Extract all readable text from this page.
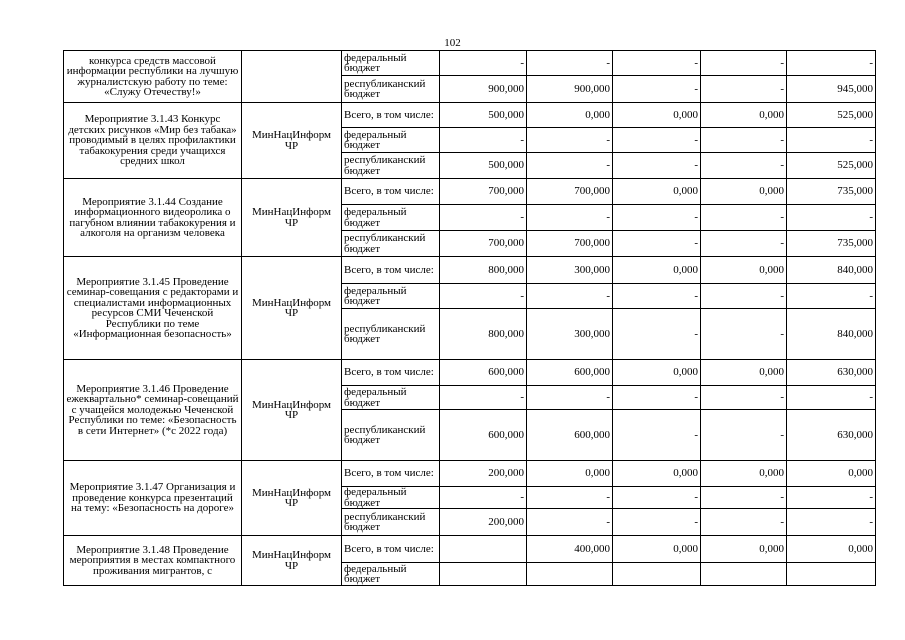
102
конкурса средств массовой информации республики на лучшую журналистскую работу по теме: «Служу Отечеству!»		федеральный бюджет	-	-	-	-	-
		республиканский бюджет	900,000	900,000	-	-	945,000
Мероприятие 3.1.43 Конкурс детских рисунков «Мир без табака» проводимый в целях профилактики табакокурения среди учащихся средних школ	МинНацИнформ ЧР	Всего, в том числе:	500,000	0,000	0,000	0,000	525,000
		федеральный бюджет	-	-	-	-	-
		республиканский бюджет	500,000	-	-	-	525,000
Мероприятие 3.1.44 Создание информационного видеоролика о пагубном влиянии табакокурения и алкоголя на организм человека	МинНацИнформ ЧР	Всего, в том числе:	700,000	700,000	0,000	0,000	735,000
		федеральный бюджет	-	-	-	-	-
		республиканский бюджет	700,000	700,000	-	-	735,000
Мероприятие 3.1.45 Проведение семинар-совещания с редакторами и специалистами информационных ресурсов СМИ Чеченской Республики по теме «Информационная безопасность»	МинНацИнформ ЧР	Всего, в том числе:	800,000	300,000	0,000	0,000	840,000
		федеральный бюджет	-	-	-	-	-
		республиканский бюджет	800,000	300,000	-	-	840,000
Мероприятие 3.1.46 Проведение ежеквартально* семинар-совещаний с учащейся молодежью Чеченской Республики по теме: «Безопасность в сети Интернет» (*с 2022 года)	МинНацИнформ ЧР	Всего, в том числе:	600,000	600,000	0,000	0,000	630,000
		федеральный бюджет	-	-	-	-	-
		республиканский бюджет	600,000	600,000	-	-	630,000
Мероприятие 3.1.47 Организация и проведение конкурса презентаций на тему: «Безопасность на дороге»	МинНацИнформ ЧР	Всего, в том числе:	200,000	0,000	0,000	0,000	0,000
		федеральный бюджет	-	-	-	-	-
		республиканский бюджет	200,000	-	-	-	-
Мероприятие 3.1.48 Проведение мероприятия в местах компактного проживания мигрантов, с	МинНацИнформ ЧР	Всего, в том числе:		400,000	0,000	0,000	0,000
		федеральный бюджет					
